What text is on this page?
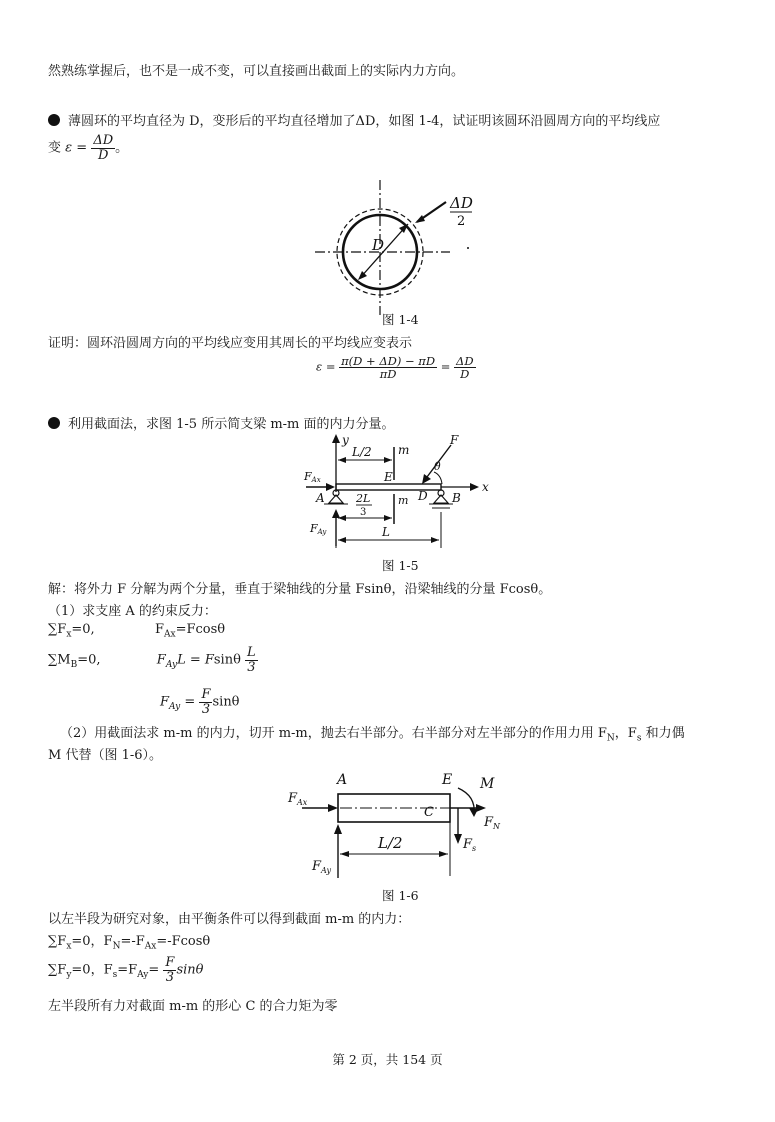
然熟练掌握后，也不是一成不变，可以直接画出截面上的实际内力方向。
薄圆环的平均直径为 D，变形后的平均直径增加了ΔD，如图 1-4，试证明该圆环沿圆周方向的平均线应
变 $\varepsilon = \frac{\Delta D}{D}$ 。
D
ΔD
2
图 1-4
证明：圆环沿圆周方向的平均线应变用其周长的平均线应变表示
$\varepsilon = \frac{\pi(D + \Delta D) - \pi D}{\pi D} = \frac{\Delta D}{D}$
利用截面法，求图 1-5 所示简支梁 m-m 面的内力分量。
y
L/2 m
x
F
θ
FAx
A
E
D B
m
2L
3
FAy	L
图 1-5
解：将外力 F 分解为两个分量，垂直于梁轴线的分量 Fsinθ，沿梁轴线的分量 Fcosθ。
（1）求支座 A 的约束反力：
$\sum F_x=0$,	$F_{Ax}=Fcos\theta$
$\sum M_B=0$,	$F_{Ay}L = Fsin\theta \frac{L}{3}$
$F_{Ay} = \frac{F}{3}$ sinθ
（2）用截面法求 m-m 的内力，切开 m-m，抛去右半部分。右半部分对左半部分的作用力用 $F_N$，$F_s$ 和力偶
M 代替（图 1-6）。
A	E M
C
$F_{Ax}$
$F_N$
$F_s$
L/2
$F_{Ay}$
图 1-6
以左半段为研究对象，由平衡条件可以得到截面 m-m 的内力：
$\sum F_x=0$，$F_N=-F_{Ax}=$-Fcosθ
$\sum F_y=0$，$F_s=F_{Ay}= \frac{F}{3}$ sinθ
左半段所有力对截面 m-m 的形心 C 的合力矩为零
第 2 页，共 154 页
